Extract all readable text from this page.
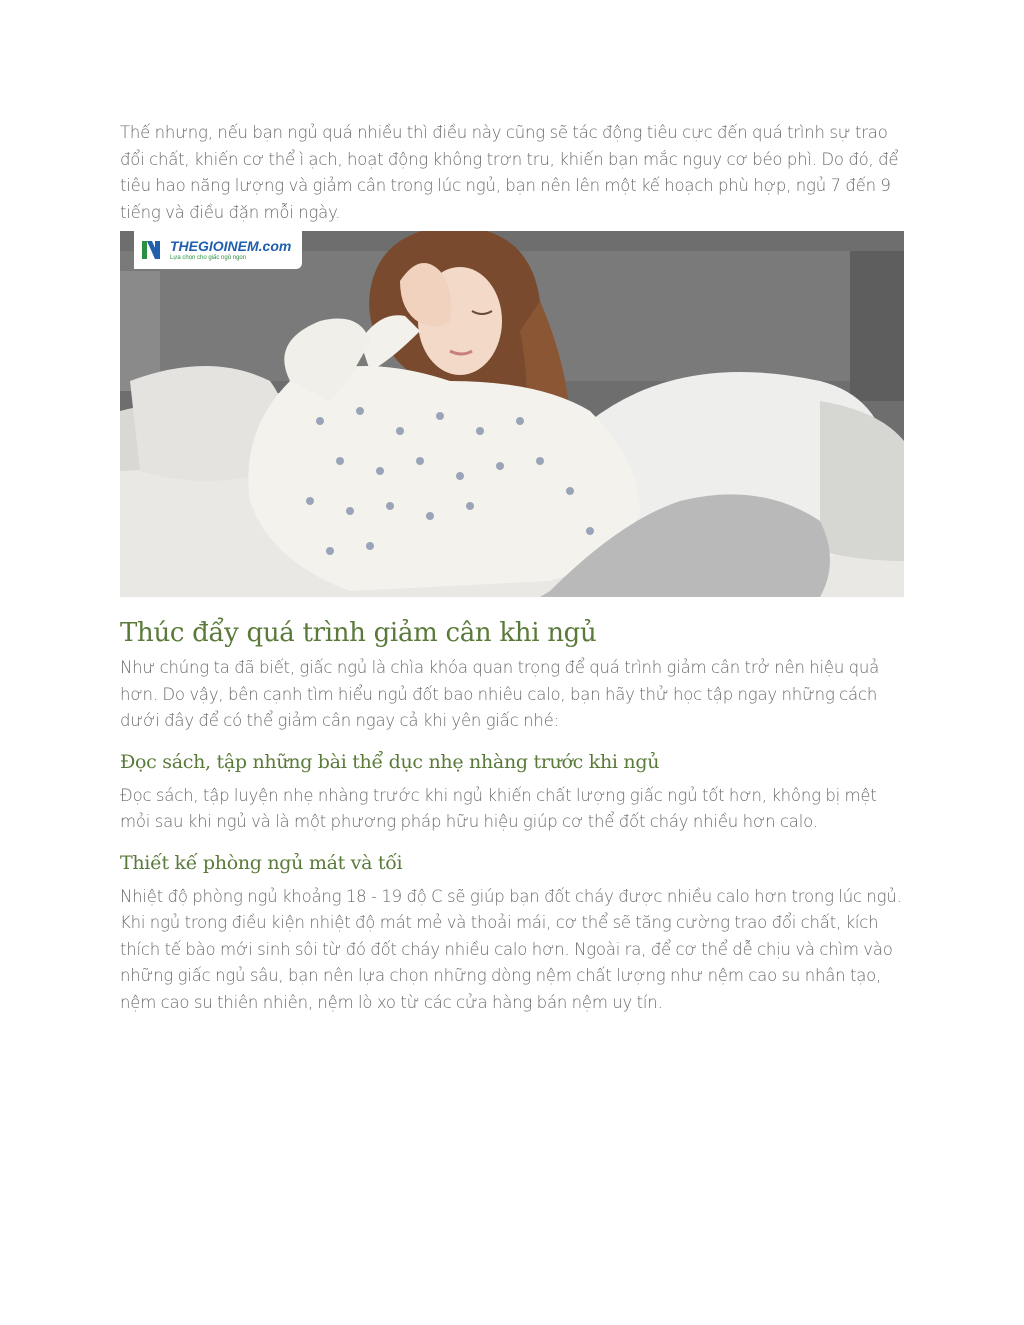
Thế nhưng, nếu bạn ngủ quá nhiều thì điều này cũng sẽ tác động tiêu cực đến quá trình sự trao đổi chất, khiến cơ thể ì ạch, hoạt động không trơn tru, khiến bạn mắc nguy cơ béo phì. Do đó, để tiêu hao năng lượng và giảm cân trong lúc ngủ, bạn nên lên một kế hoạch phù hợp, ngủ 7 đến 9 tiếng và điều đặn mỗi ngày.

THEGIOINEM.com
Lựa chọn cho giấc ngủ ngon
Thúc đẩy quá trình giảm cân khi ngủ

Như chúng ta đã biết, giấc ngủ là chìa khóa quan trọng để quá trình giảm cân trở nên hiệu quả hơn. Do vậy, bên cạnh tìm hiểu ngủ đốt bao nhiêu calo, bạn hãy thử học tập ngay những cách dưới đây để có thể giảm cân ngay cả khi yên giấc nhé:

Đọc sách, tập những bài thể dục nhẹ nhàng trước khi ngủ

Đọc sách, tập luyện nhẹ nhàng trước khi ngủ khiến chất lượng giấc ngủ tốt hơn, không bị mệt mỏi sau khi ngủ và là một phương pháp hữu hiệu giúp cơ thể đốt cháy nhiều hơn calo.

Thiết kế phòng ngủ mát và tối

Nhiệt độ phòng ngủ khoảng 18 - 19 độ C sẽ giúp bạn đốt cháy được nhiều calo hơn trong lúc ngủ. Khi ngủ trong điều kiện nhiệt độ mát mẻ và thoải mái, cơ thể sẽ tăng cường trao đổi chất, kích thích tế bào mới sinh sôi từ đó đốt cháy nhiều calo hơn. Ngoài ra, để cơ thể dễ chịu và chìm vào những giấc ngủ sâu, bạn nên lựa chọn những dòng nệm chất lượng như nệm cao su nhân tạo, nệm cao su thiên nhiên, nệm lò xo từ các cửa hàng bán nệm uy tín.
